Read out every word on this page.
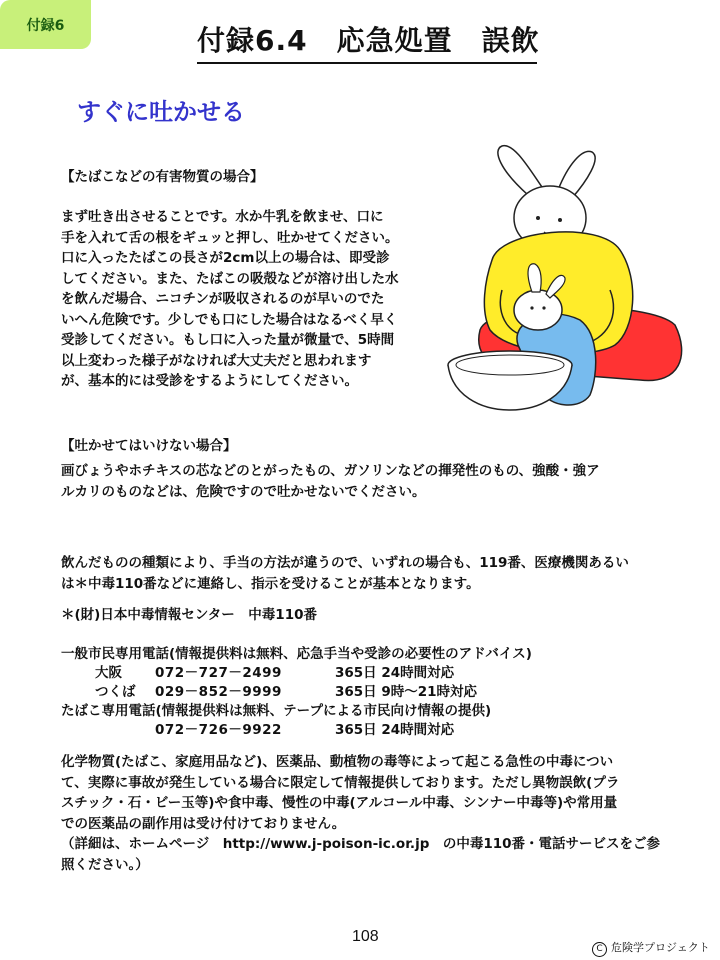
付録6	付録6.4　応急処置　誤飲
すぐに吐かせる
【たばこなどの有害物質の場合】
まず吐き出させることです。水か牛乳を飲ませ、口に
手を入れて舌の根をギュッと押し、吐かせてください。
口に入ったたばこの長さが2cm以上の場合は、即受診
してください。また、たばこの吸殻などが溶け出した水
を飲んだ場合、ニコチンが吸収されるのが早いのでた
いへん危険です。少しでも口にした場合はなるべく早く
受診してください。もし口に入った量が微量で、5時間
以上変わった様子がなければ大丈夫だと思われます
が、基本的には受診をするようにしてください。
【吐かせてはいけない場合】
画びょうやホチキスの芯などのとがったもの、ガソリンなどの揮発性のもの、強酸・強ア
ルカリのものなどは、危険ですので吐かせないでください。
飲んだものの種類により、手当の方法が違うので、いずれの場合も、119番、医療機関あるい
は＊中毒110番などに連絡し、指示を受けることが基本となります。
＊(財)日本中毒情報センター　中毒110番
一般市民専用電話(情報提供料は無料、応急手当や受診の必要性のアドバイス)
大阪	072－727－2499	365日 24時間対応
つくば	029－852－9999	365日 9時～21時対応
たばこ専用電話(情報提供料は無料、テープによる市民向け情報の提供)
072－726－9922	365日 24時間対応
化学物質(たばこ、家庭用品など)、医薬品、動植物の毒等によって起こる急性の中毒につい
て、実際に事故が発生している場合に限定して情報提供しております。ただし異物誤飲(プラ
スチック・石・ビー玉等)や食中毒、慢性の中毒(アルコール中毒、シンナー中毒等)や常用量
での医薬品の副作用は受け付けておりません。
（詳細は、ホームページ　http://www.j-poison-ic.or.jp　の中毒110番・電話サービスをご参
照ください。）
108
C 危険学プロジェクト
